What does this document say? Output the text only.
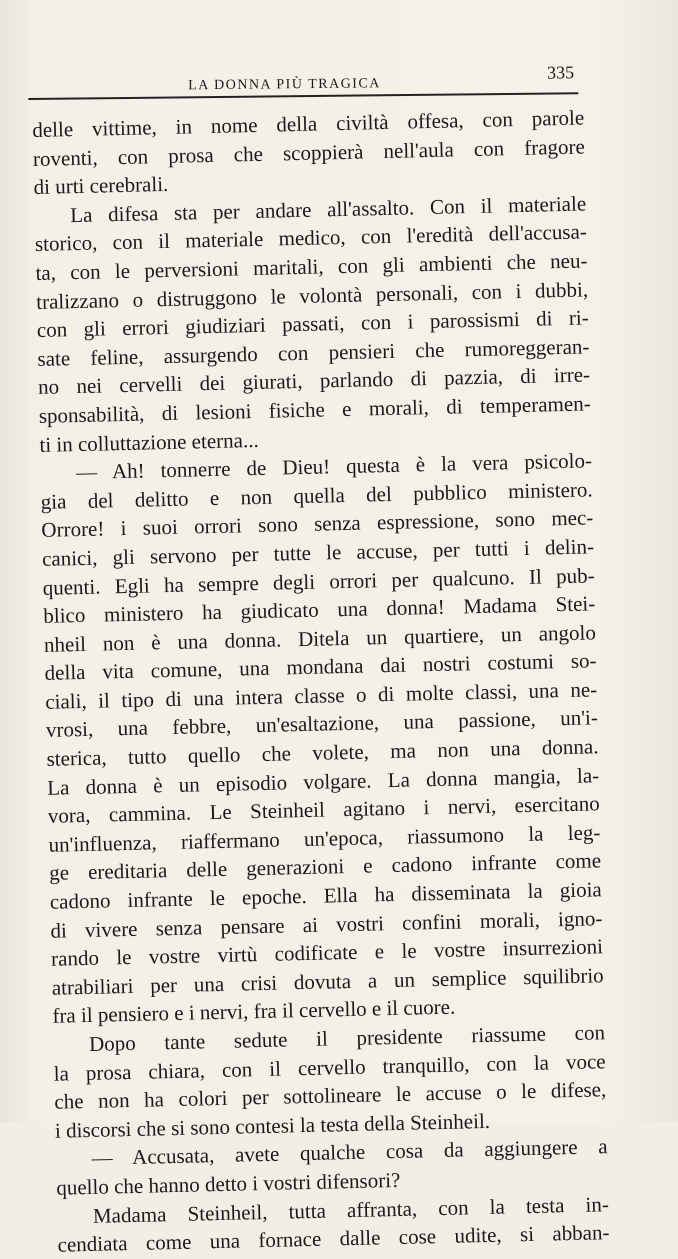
LA DONNA PIÙ TRAGICA
335
delle vittime, in nome della civiltà offesa, con parole
roventi, con prosa che scoppierà nell'aula con fragore
di urti cerebrali.
La difesa sta per andare all'assalto. Con il materiale
storico, con il materiale medico, con l'eredità dell'accusa-
ta, con le perversioni maritali, con gli ambienti che neu-
tralizzano o distruggono le volontà personali, con i dubbi,
con gli errori giudiziari passati, con i parossismi di ri-
sate feline, assurgendo con pensieri che rumoreggeran-
no nei cervelli dei giurati, parlando di pazzia, di irre-
sponsabilità, di lesioni fisiche e morali, di temperamen-
ti in colluttazione eterna...
— Ah! tonnerre de Dieu! questa è la vera psicolo-
gia del delitto e non quella del pubblico ministero.
Orrore! i suoi orrori sono senza espressione, sono mec-
canici, gli servono per tutte le accuse, per tutti i delin-
quenti. Egli ha sempre degli orrori per qualcuno. Il pub-
blico ministero ha giudicato una donna! Madama Stei-
nheil non è una donna. Ditela un quartiere, un angolo
della vita comune, una mondana dai nostri costumi so-
ciali, il tipo di una intera classe o di molte classi, una ne-
vrosi, una febbre, un'esaltazione, una passione, un'i-
sterica, tutto quello che volete, ma non una donna.
La donna è un episodio volgare. La donna mangia, la-
vora, cammina. Le Steinheil agitano i nervi, esercitano
un'influenza, riaffermano un'epoca, riassumono la leg-
ge ereditaria delle generazioni e cadono infrante come
cadono infrante le epoche. Ella ha disseminata la gioia
di vivere senza pensare ai vostri confini morali, igno-
rando le vostre virtù codificate e le vostre insurrezioni
atrabiliari per una crisi dovuta a un semplice squilibrio
fra il pensiero e i nervi, fra il cervello e il cuore.
Dopo tante sedute il presidente riassume con
la prosa chiara, con il cervello tranquillo, con la voce
che non ha colori per sottolineare le accuse o le difese,
i discorsi che si sono contesi la testa della Steinheil.
— Accusata, avete qualche cosa da aggiungere a
quello che hanno detto i vostri difensori?
Madama Steinheil, tutta affranta, con la testa in-
cendiata come una fornace dalle cose udite, si abban-
